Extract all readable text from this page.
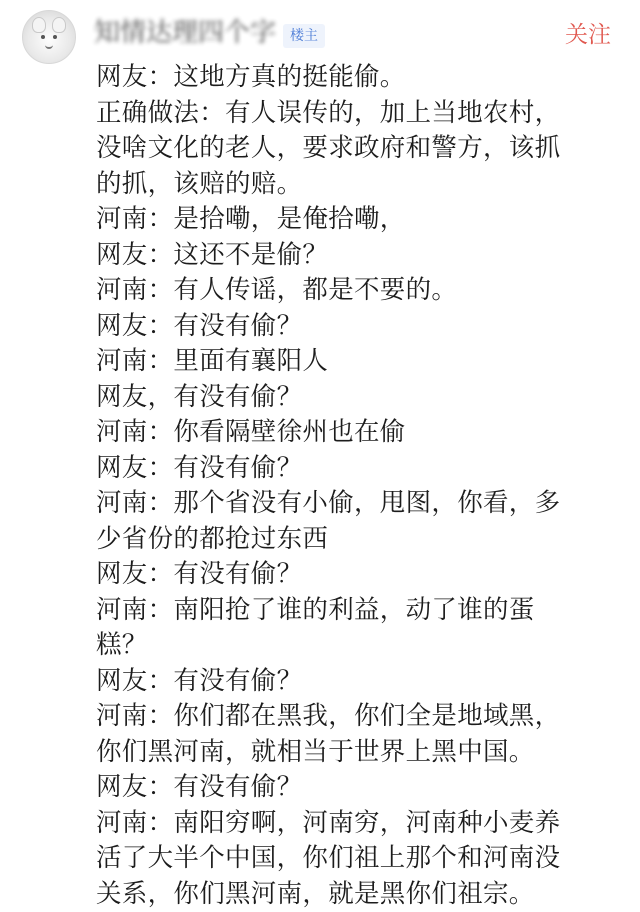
知情达理四个字 楼主	关注
网友：这地方真的挺能偷。
正确做法：有人误传的，加上当地农村，
没啥文化的老人，要求政府和警方，该抓
的抓，该赔的赔。
河南：是拾嘞，是俺拾嘞，
网友：这还不是偷？
河南：有人传谣，都是不要的。
网友：有没有偷？
河南：里面有襄阳人
网友，有没有偷？
河南：你看隔壁徐州也在偷
网友：有没有偷？
河南：那个省没有小偷，甩图，你看，多
少省份的都抢过东西
网友：有没有偷？
河南：南阳抢了谁的利益，动了谁的蛋
糕？
网友：有没有偷？
河南：你们都在黑我，你们全是地域黑，
你们黑河南，就相当于世界上黑中国。
网友：有没有偷？
河南：南阳穷啊，河南穷，河南种小麦养
活了大半个中国，你们祖上那个和河南没
关系，你们黑河南，就是黑你们祖宗。
